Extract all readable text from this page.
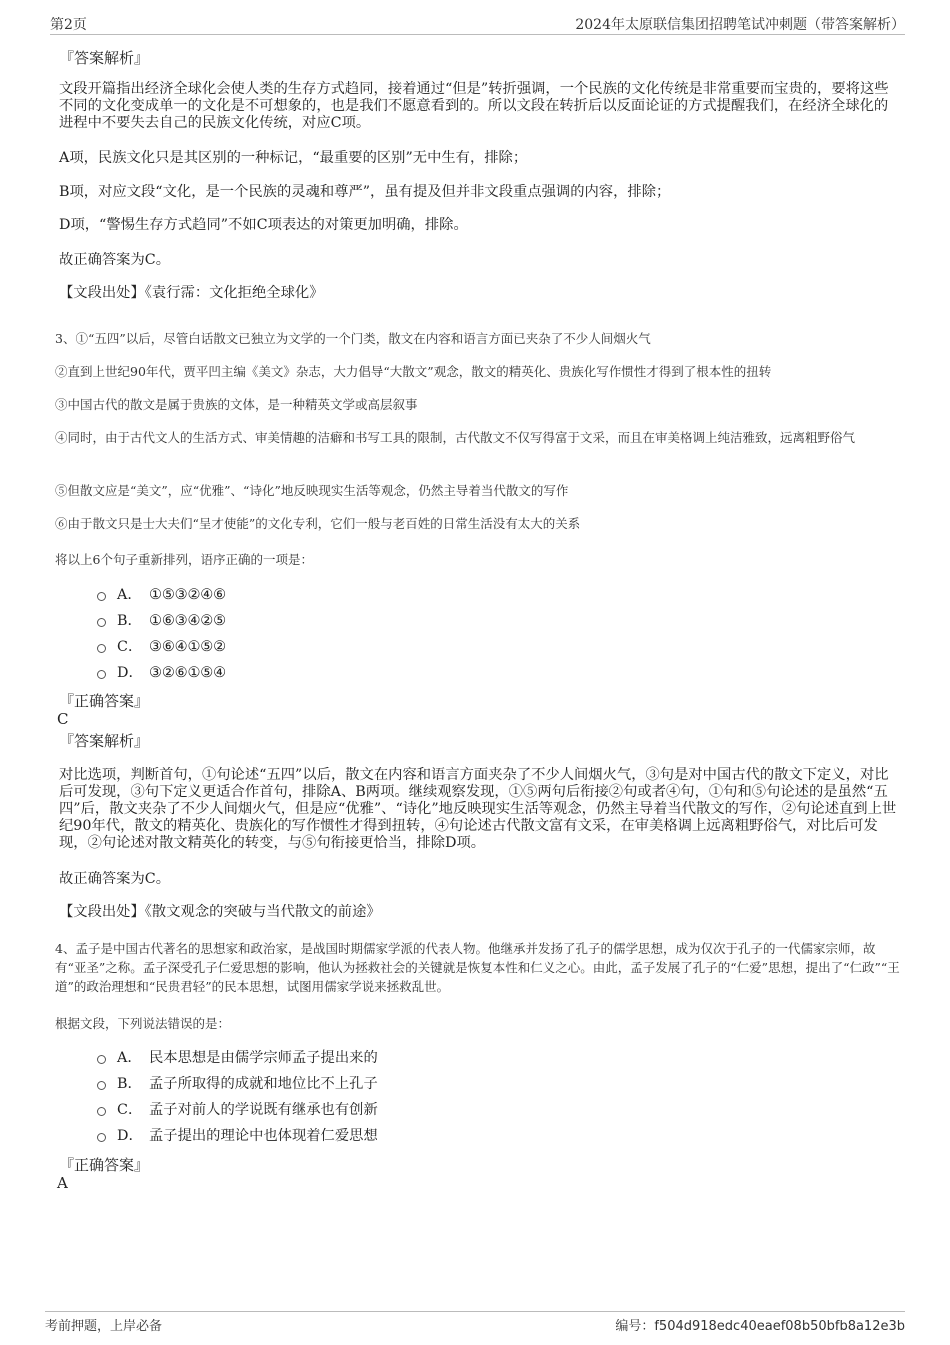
第2页	2024年太原联信集团招聘笔试冲刺题（带答案解析）

『答案解析』

文段开篇指出经济全球化会使人类的生存方式趋同，接着通过“但是”转折强调，一个民族的文化传统是非常重要而宝贵的，要将这些不同的文化变成单一的文化是不可想象的，也是我们不愿意看到的。所以文段在转折后以反面论证的方式提醒我们，在经济全球化的进程中不要失去自己的民族文化传统，对应C项。

A项，民族文化只是其区别的一种标记，“最重要的区别”无中生有，排除；

B项，对应文段“文化，是一个民族的灵魂和尊严”，虽有提及但并非文段重点强调的内容，排除；

D项，“警惕生存方式趋同”不如C项表达的对策更加明确，排除。

故正确答案为C。

【文段出处】《袁行霈：文化拒绝全球化》

3、①“五四”以后，尽管白话散文已独立为文学的一个门类，散文在内容和语言方面已夹杂了不少人间烟火气

②直到上世纪90年代，贾平凹主编《美文》杂志，大力倡导“大散文”观念，散文的精英化、贵族化写作惯性才得到了根本性的扭转

③中国古代的散文是属于贵族的文体，是一种精英文学或高层叙事

④同时，由于古代文人的生活方式、审美情趣的洁癖和书写工具的限制，古代散文不仅写得富于文采，而且在审美格调上纯洁雅致，远离粗野俗气

⑤但散文应是“美文”，应“优雅”、“诗化”地反映现实生活等观念，仍然主导着当代散文的写作

⑥由于散文只是士大夫们“呈才使能”的文化专利，它们一般与老百姓的日常生活没有太大的关系

将以上6个句子重新排列，语序正确的一项是：

A． ①⑤③②④⑥
B． ①⑥③④②⑤
C． ③⑥④①⑤②
D． ③②⑥①⑤④

『正确答案』

C

『答案解析』

对比选项，判断首句，①句论述“五四”以后，散文在内容和语言方面夹杂了不少人间烟火气，③句是对中国古代的散文下定义，对比后可发现，③句下定义更适合作首句，排除A、B两项。继续观察发现，①⑤两句后衔接②句或者④句，①句和⑤句论述的是虽然“五四”后，散文夹杂了不少人间烟火气，但是应“优雅”、“诗化”地反映现实生活等观念，仍然主导着当代散文的写作，②句论述直到上世纪90年代，散文的精英化、贵族化的写作惯性才得到扭转，④句论述古代散文富有文采，在审美格调上远离粗野俗气，对比后可发现，②句论述对散文精英化的转变，与⑤句衔接更恰当，排除D项。

故正确答案为C。

【文段出处】《散文观念的突破与当代散文的前途》

4、孟子是中国古代著名的思想家和政治家，是战国时期儒家学派的代表人物。他继承并发扬了孔子的儒学思想，成为仅次于孔子的一代儒家宗师，故有“亚圣”之称。孟子深受孔子仁爱思想的影响，他认为拯救社会的关键就是恢复本性和仁义之心。由此，孟子发展了孔子的“仁爱”思想，提出了“仁政”“王道”的政治理想和“民贵君轻”的民本思想，试图用儒家学说来拯救乱世。

根据文段，下列说法错误的是：

A． 民本思想是由儒学宗师孟子提出来的
B． 孟子所取得的成就和地位比不上孔子
C． 孟子对前人的学说既有继承也有创新
D． 孟子提出的理论中也体现着仁爱思想

『正确答案』

A

考前押题，上岸必备	编号：f504d918edc40eaef08b50bfb8a12e3b
